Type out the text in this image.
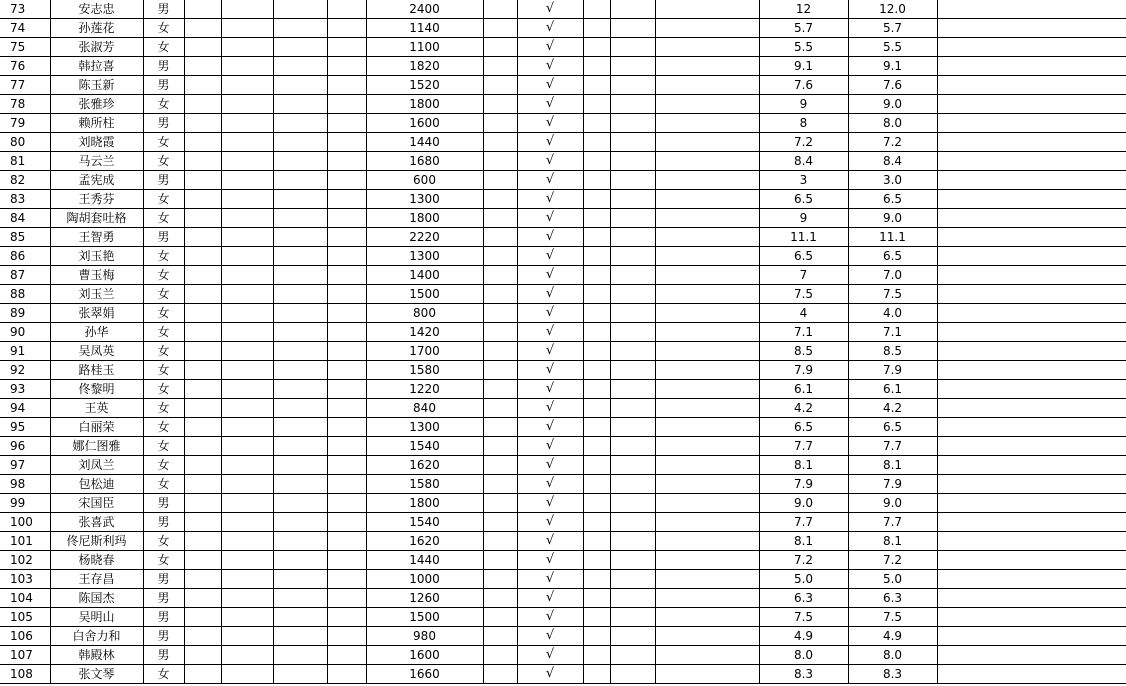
73	安志忠	男					2400		√				12	12.0	
74	孙莲花	女					1140		√				5.7	5.7	
75	张淑芳	女					1100		√				5.5	5.5	
76	韩拉喜	男					1820		√				9.1	9.1	
77	陈玉新	男					1520		√				7.6	7.6	
78	张雅珍	女					1800		√				9	9.0	
79	赖所柱	男					1600		√				8	8.0	
80	刘晓霞	女					1440		√				7.2	7.2	
81	马云兰	女					1680		√				8.4	8.4	
82	孟宪成	男					600		√				3	3.0	
83	王秀芬	女					1300		√				6.5	6.5	
84	陶胡套吐格	女					1800		√				9	9.0	
85	王智勇	男					2220		√				11.1	11.1	
86	刘玉艳	女					1300		√				6.5	6.5	
87	曹玉梅	女					1400		√				7	7.0	
88	刘玉兰	女					1500		√				7.5	7.5	
89	张翠娟	女					800		√				4	4.0	
90	孙华	女					1420		√				7.1	7.1	
91	吴凤英	女					1700		√				8.5	8.5	
92	路桂玉	女					1580		√				7.9	7.9	
93	佟黎明	女					1220		√				6.1	6.1	
94	王英	女					840		√				4.2	4.2	
95	白丽荣	女					1300		√				6.5	6.5	
96	娜仁图雅	女					1540		√				7.7	7.7	
97	刘凤兰	女					1620		√				8.1	8.1	
98	包松迪	女					1580		√				7.9	7.9	
99	宋国臣	男					1800		√				9.0	9.0	
100	张喜武	男					1540		√				7.7	7.7	
101	佟尼斯利玛	女					1620		√				8.1	8.1	
102	杨晓春	女					1440		√				7.2	7.2	
103	王存昌	男					1000		√				5.0	5.0	
104	陈国杰	男					1260		√				6.3	6.3	
105	吴明山	男					1500		√				7.5	7.5	
106	白舍力和	男					980		√				4.9	4.9	
107	韩殿林	男					1600		√				8.0	8.0	
108	张文琴	女					1660		√				8.3	8.3	
